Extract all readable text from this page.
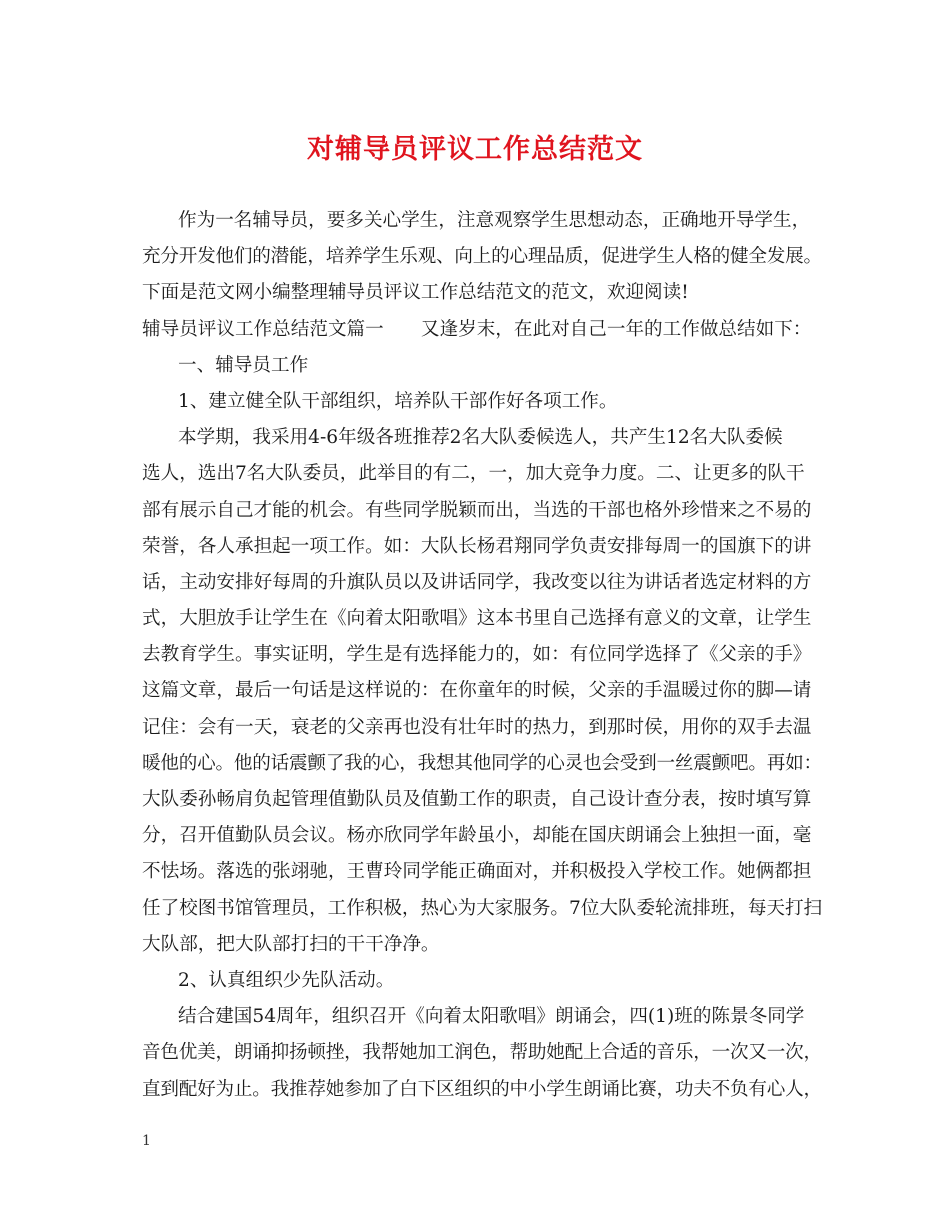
对辅导员评议工作总结范文
作为一名辅导员，要多关心学生，注意观察学生思想动态，正确地开导学生，
充分开发他们的潜能，培养学生乐观、向上的心理品质，促进学生人格的健全发展。
下面是范文网小编整理辅导员评议工作总结范文的范文，欢迎阅读!
辅导员评议工作总结范文篇一　　又逢岁末，在此对自己一年的工作做总结如下：
一、辅导员工作
1、建立健全队干部组织，培养队干部作好各项工作。
本学期，我采用4-6年级各班推荐2名大队委候选人，共产生12名大队委候
选人，选出7名大队委员，此举目的有二，一，加大竞争力度。二、让更多的队干
部有展示自己才能的机会。有些同学脱颖而出，当选的干部也格外珍惜来之不易的
荣誉，各人承担起一项工作。如：大队长杨君翔同学负责安排每周一的国旗下的讲
话，主动安排好每周的升旗队员以及讲话同学，我改变以往为讲话者选定材料的方
式，大胆放手让学生在《向着太阳歌唱》这本书里自己选择有意义的文章，让学生
去教育学生。事实证明，学生是有选择能力的，如：有位同学选择了《父亲的手》
这篇文章，最后一句话是这样说的：在你童年的时候，父亲的手温暖过你的脚—请
记住：会有一天，衰老的父亲再也没有壮年时的热力，到那时侯，用你的双手去温
暖他的心。他的话震颤了我的心，我想其他同学的心灵也会受到一丝震颤吧。再如：
大队委孙畅肩负起管理值勤队员及值勤工作的职责，自己设计查分表，按时填写算
分，召开值勤队员会议。杨亦欣同学年龄虽小，却能在国庆朗诵会上独担一面，毫
不怯场。落选的张翊驰，王曹玲同学能正确面对，并积极投入学校工作。她俩都担
任了校图书馆管理员，工作积极，热心为大家服务。7位大队委轮流排班，每天打扫
大队部，把大队部打扫的干干净净。
2、认真组织少先队活动。
结合建国54周年，组织召开《向着太阳歌唱》朗诵会，四(1)班的陈景冬同学
音色优美，朗诵抑扬顿挫，我帮她加工润色，帮助她配上合适的音乐，一次又一次，
直到配好为止。我推荐她参加了白下区组织的中小学生朗诵比赛，功夫不负有心人，
1
